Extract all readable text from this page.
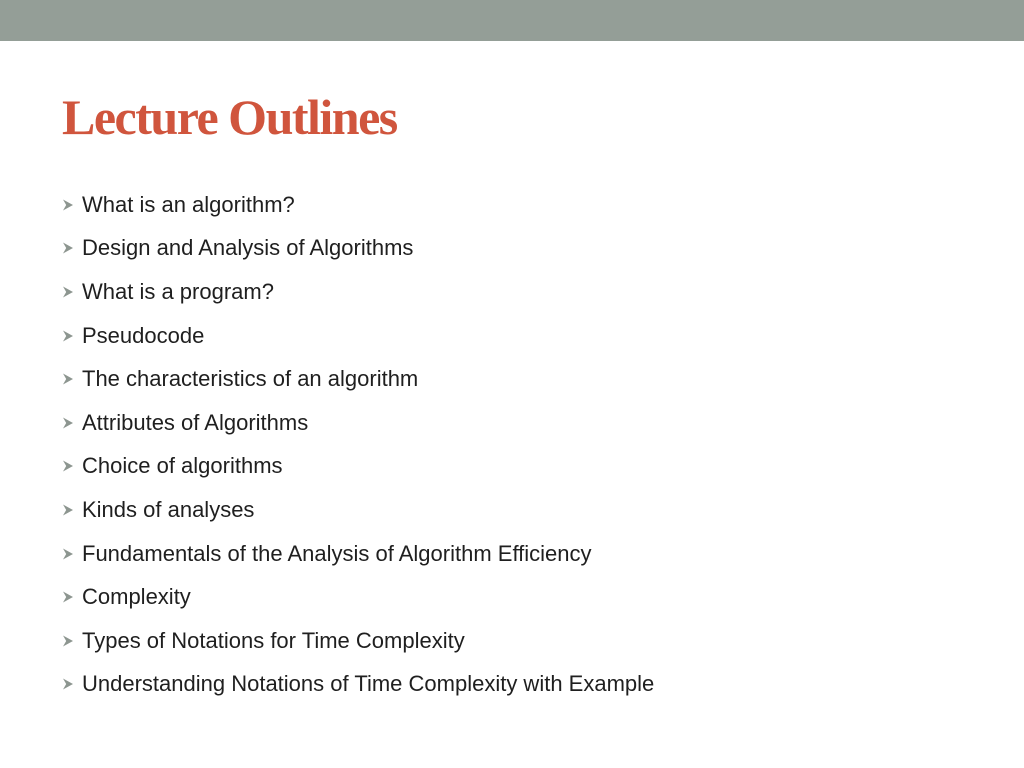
Lecture Outlines
What is an algorithm?
Design and Analysis of Algorithms
What is a program?
Pseudocode
The characteristics of an algorithm
Attributes of Algorithms
Choice of algorithms
Kinds of analyses
Fundamentals of the Analysis of Algorithm Efficiency
Complexity
Types of Notations for Time Complexity
Understanding Notations of Time Complexity with Example
